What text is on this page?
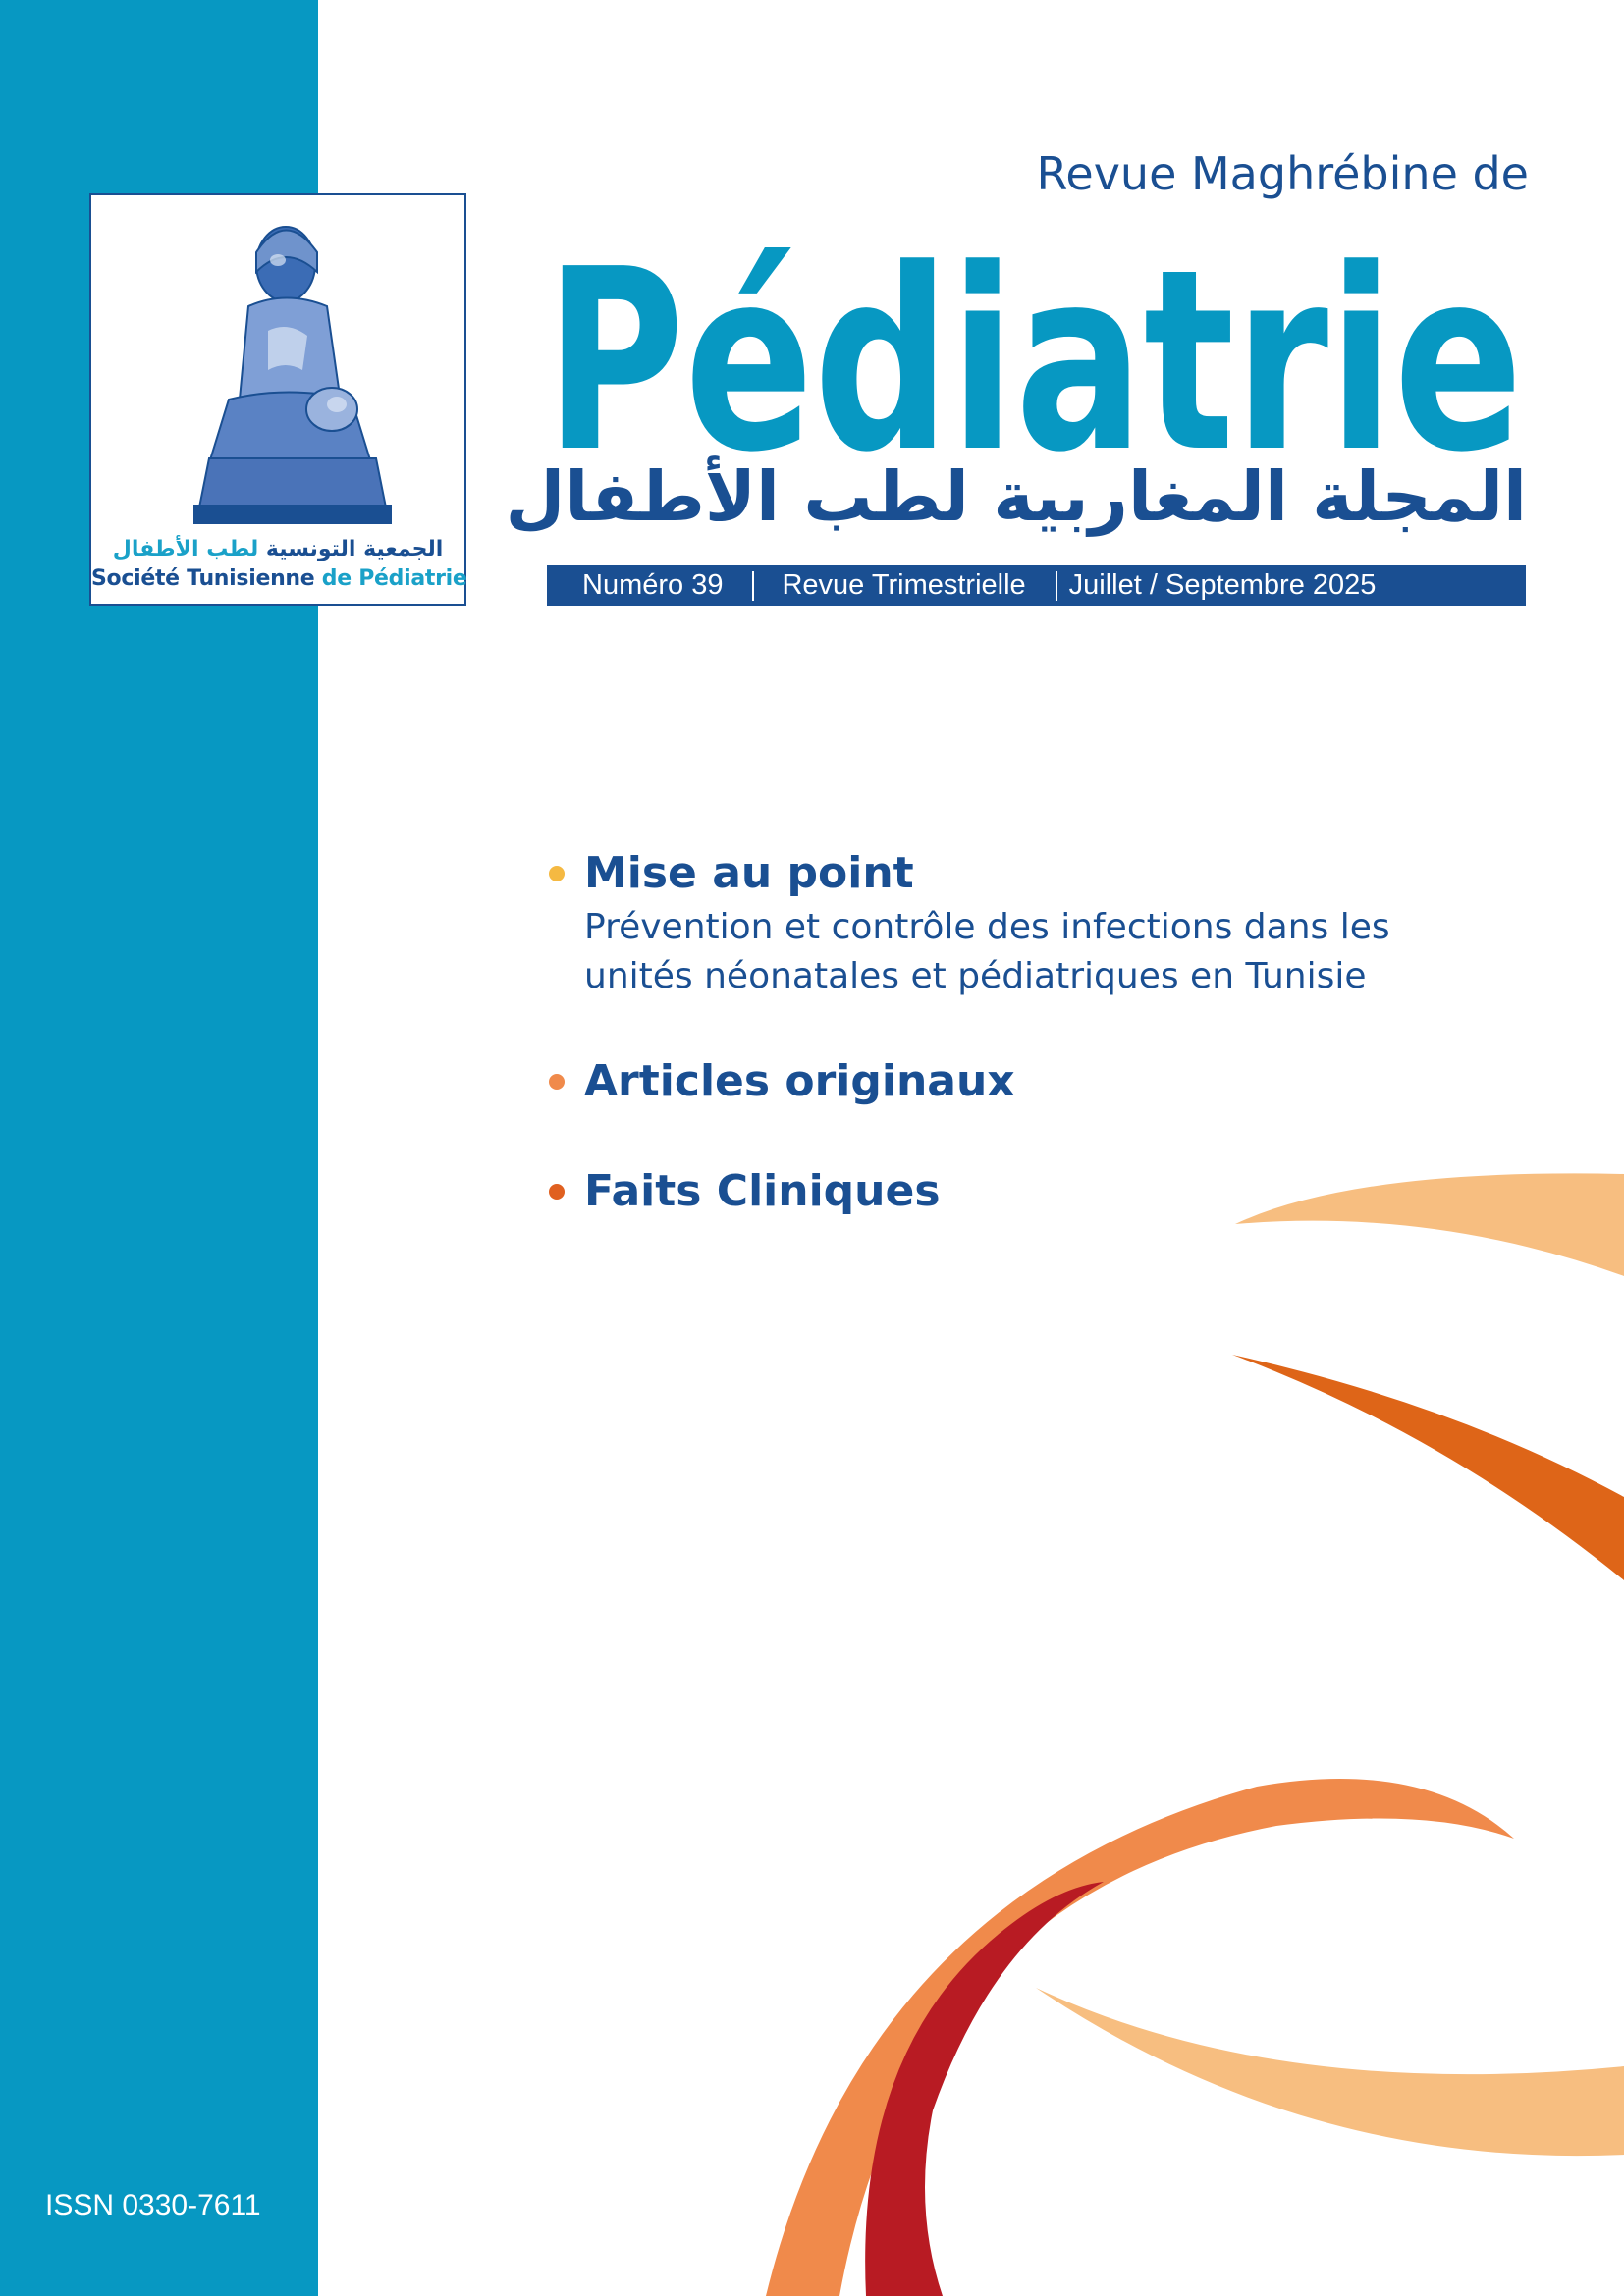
الجمعية التونسية لطب الأطفال
Société Tunisienne de Pédiatrie
Revue Maghrébine de
Pédiatrie
المجلة المغاربية لطب الأطفال
Numéro 39 Revue Trimestrielle Juillet / Septembre 2025
Mise au point
Prévention et contrôle des infections dans les
unités néonatales et pédiatriques en Tunisie
Articles originaux
Faits Cliniques
ISSN 0330-7611
